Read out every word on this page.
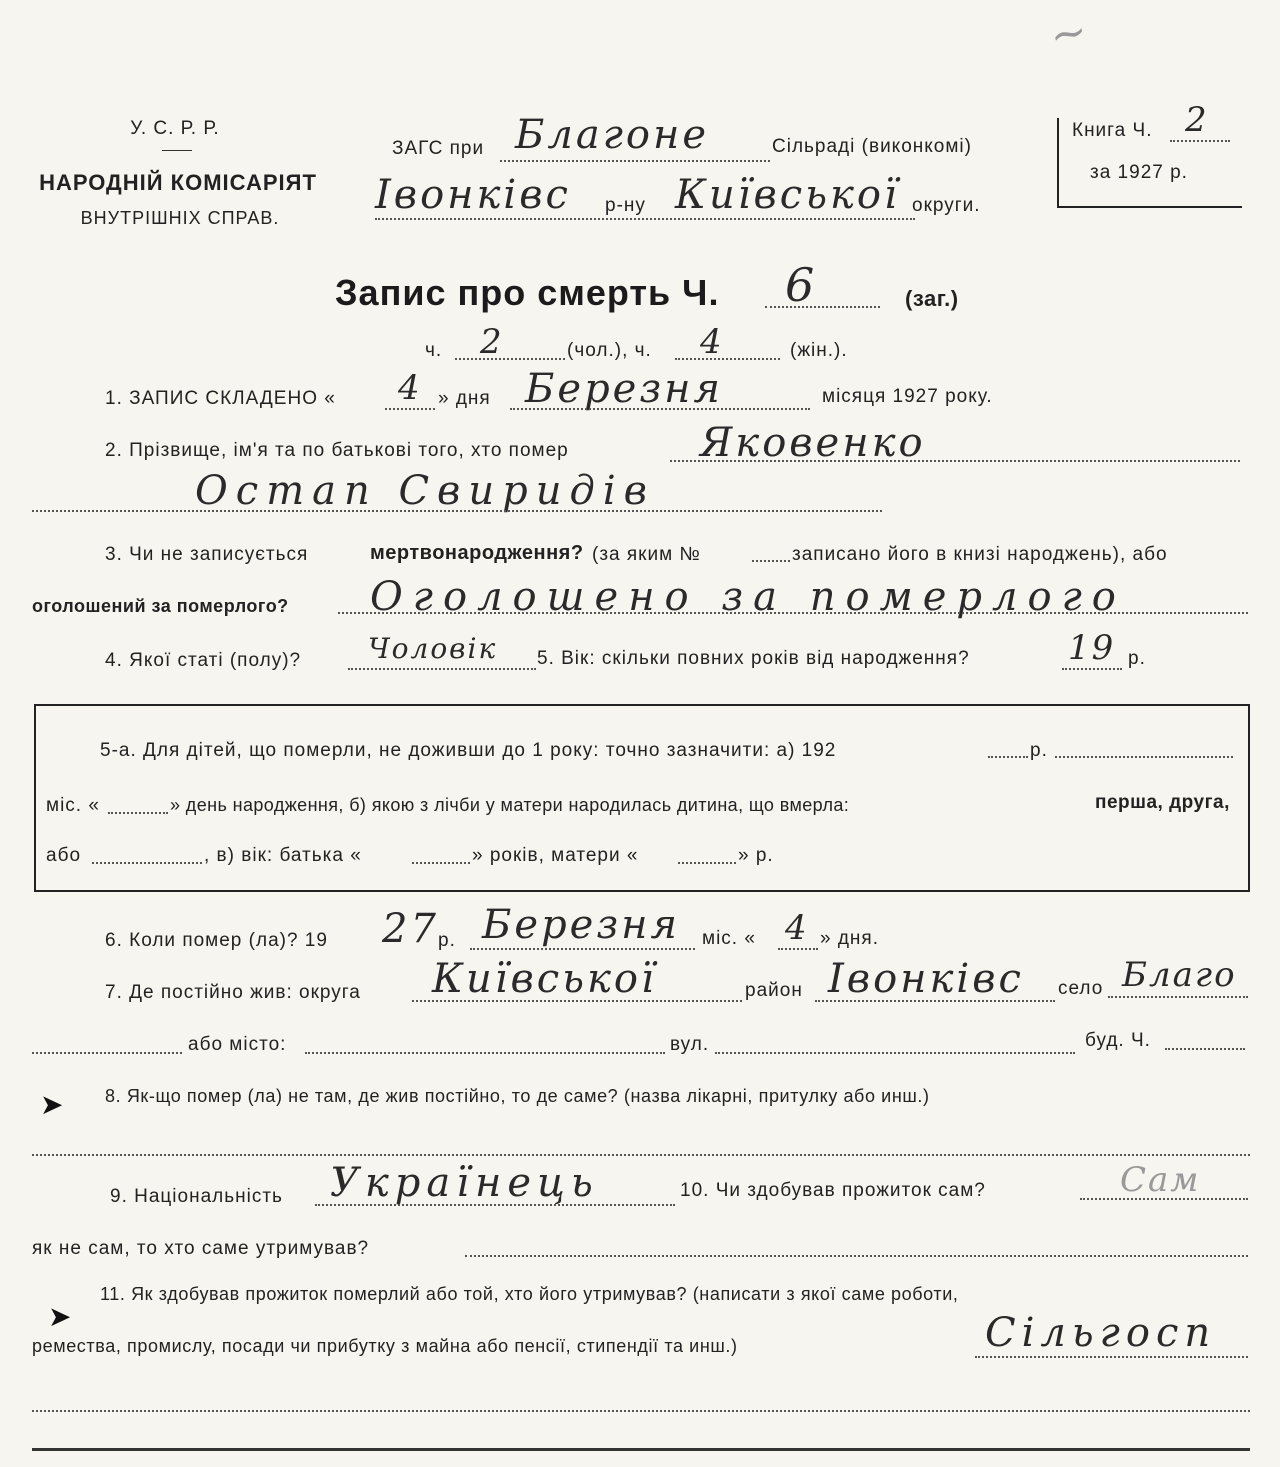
~
У. С. Р. Р.
НАРОДНІЙ КОМІСАРІЯТ
ВНУТРІШНІХ СПРАВ.
ЗАГС при Благоне	Сільраді (виконкомі)
Івонківс р-ну Київської округи.
Книга Ч. 2
за 1927 р.
Запис про смерть Ч. 6	(заг.)
ч. 2	(чол.), ч. 4	(жін.).
1. ЗАПИС СКЛАДЕНО « 4 » дня Березня	місяця 1927 року.
2. Прізвище, ім'я та по батькові того, хто помер	Яковенко
Остап Свиридів
3. Чи не записується	мертвонародження? (за яким №	записано його в книзі народжень), або
оголошений за померлого? Оголошено за померлого
4. Якої статі (полу)? Чоловік 5. Вік: скільки повних років від народження?	19 р.
5-а. Для дітей, що померли, не доживши до 1 року: точно зазначити: а) 192	р.
міс. «	» день народження, б) якою з лічби у матери народилась дитина, що вмерла:	перша, друга,
або	, в) вік: батька «	» років, матери «	» р.
6. Коли помер (ла)? 19 27 р. Березня міс. « 4 » дня.
7. Де постійно жив: округа Київської	район Івонківс село Благо
або місто:	вул.	буд. Ч.
➤ 8. Як-що помер (ла) не там, де жив постійно, то де саме? (назва лікарні, притулку або инш.)
9. Національність Українець	10. Чи здобував прожиток сам?	Сам
як не сам, то хто саме утримував?
➤
11. Як здобував прожиток померлий або той, хто його утримував? (написати з якої саме роботи,
ремества, промислу, посади чи прибутку з майна або пенсії, стипендії та инш.)	Сільгосп
